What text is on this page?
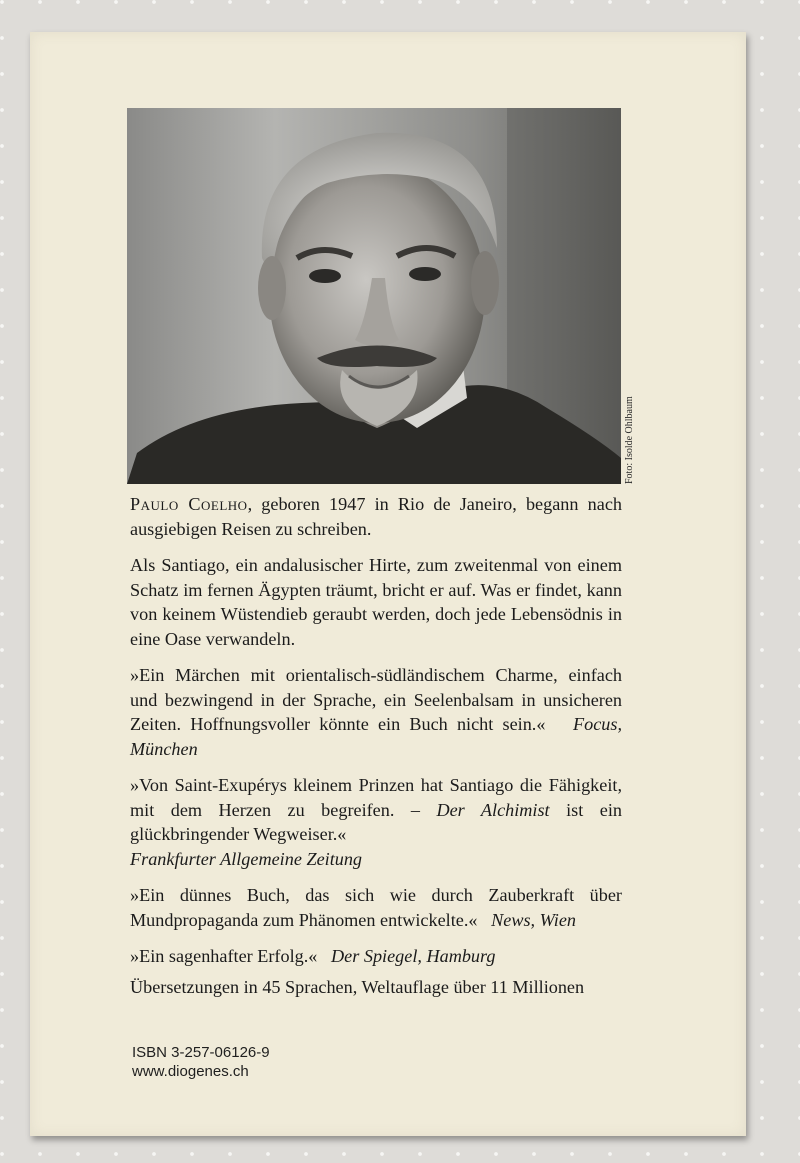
Foto: Isolde Ohlbaum

Paulo Coelho, geboren 1947 in Rio de Janeiro, begann nach ausgiebigen Reisen zu schreiben.

Als Santiago, ein andalusischer Hirte, zum zweitenmal von einem Schatz im fernen Ägypten träumt, bricht er auf. Was er findet, kann von keinem Wüstendieb geraubt werden, doch jede Lebensödnis in eine Oase verwandeln.

»Ein Märchen mit orientalisch-südländischem Charme, einfach und bezwingend in der Sprache, ein Seelenbalsam in unsicheren Zeiten. Hoffnungsvoller könnte ein Buch nicht sein.« Focus, München

»Von Saint-Exupérys kleinem Prinzen hat Santiago die Fähigkeit, mit dem Herzen zu begreifen. – Der Alchimist ist ein glückbringender Wegweiser.«
Frankfurter Allgemeine Zeitung

»Ein dünnes Buch, das sich wie durch Zauberkraft über Mundpropaganda zum Phänomen entwickelte.« News, Wien

»Ein sagenhafter Erfolg.« Der Spiegel, Hamburg

Übersetzungen in 45 Sprachen, Weltauflage über 11 Millionen

ISBN 3-257-06126-9
www.diogenes.ch
